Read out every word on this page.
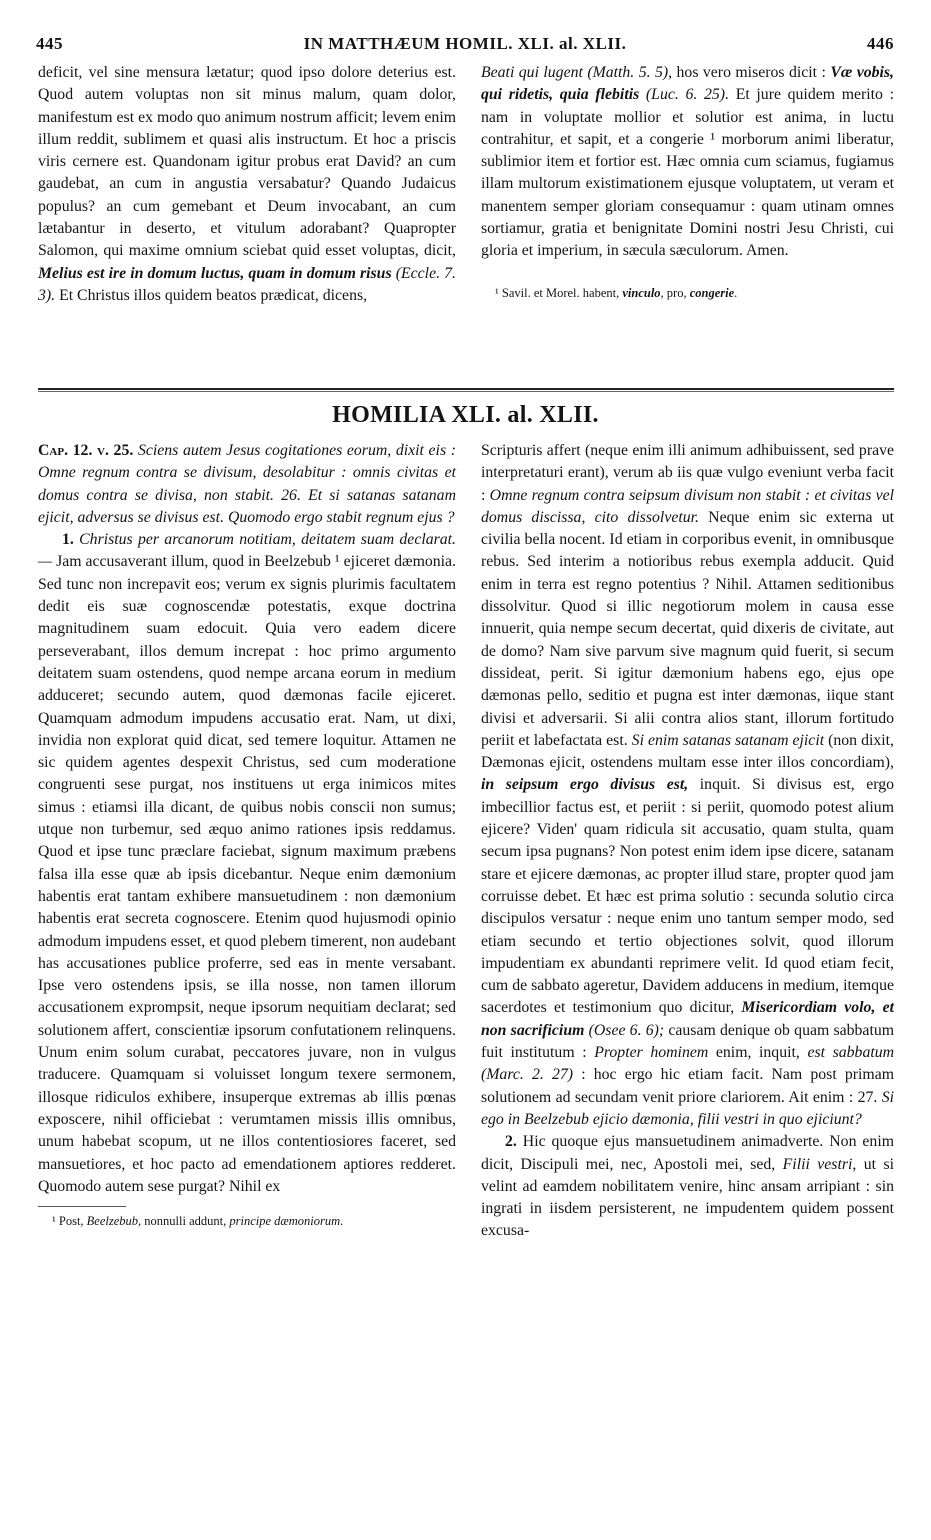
445	IN MATTHÆUM HOMIL. XLI. al. XLII.	446

deficit, vel sine mensura lætatur; quod ipso dolore deterius est. Quod autem voluptas non sit minus malum, quam dolor, manifestum est ex modo quo animum nostrum afficit; levem enim illum reddit, sublimem et quasi alis instructum. Et hoc a priscis viris cernere est. Quandonam igitur probus erat David? an cum gaudebat, an cum in angustia versabatur? Quando Judaicus populus? an cum gemebant et Deum invocabant, an cum lætabantur in deserto, et vitulum adorabant? Quapropter Salomon, qui maxime omnium sciebat quid esset voluptas, dicit, Melius est ire in domum luctus, quam in domum risus (Eccle. 7. 3). Et Christus illos quidem beatos prædicat, dicens,

Beati qui lugent (Matth. 5. 5), hos vero miseros dicit : Væ vobis, qui ridetis, quia flebitis (Luc. 6. 25). Et jure quidem merito : nam in voluptate mollior et solutior est anima, in luctu contrahitur, et sapit, et a congerie ¹ morborum animi liberatur, sublimior item et fortior est. Hæc omnia cum sciamus, fugiamus illam multorum existimationem ejusque voluptatem, ut veram et manentem semper gloriam consequamur : quam utinam omnes sortiamur, gratia et benignitate Domini nostri Jesu Christi, cui gloria et imperium, in sæcula sæculorum. Amen.

¹ Savil. et Morel. habent, vinculo, pro, congerie.

HOMILIA XLI. al. XLII.

Cap. 12. v. 25. Sciens autem Jesus cogitationes eorum, dixit eis : Omne regnum contra se divisum, desolabitur : omnis civitas et domus contra se divisa, non stabit. 26. Et si satanas satanam ejicit, adversus se divisus est. Quomodo ergo stabit regnum ejus ?

1. Christus per arcanorum notitiam, deitatem suam declarat. — Jam accusaverant illum, quod in Beelzebub ¹ ejiceret dæmonia. Sed tunc non increpavit eos; verum ex signis plurimis facultatem dedit eis suæ cognoscendæ potestatis, exque doctrina magnitudinem suam edocuit. Quia vero eadem dicere perseverabant, illos demum increpat : hoc primo argumento deitatem suam ostendens, quod nempe arcana eorum in medium adduceret; secundo autem, quod dæmonas facile ejiceret. Quamquam admodum impudens accusatio erat. Nam, ut dixi, invidia non explorat quid dicat, sed temere loquitur. Attamen ne sic quidem agentes despexit Christus, sed cum moderatione congruenti sese purgat, nos instituens ut erga inimicos mites simus : etiamsi illa dicant, de quibus nobis conscii non sumus; utque non turbemur, sed æquo animo rationes ipsis reddamus. Quod et ipse tunc præclare faciebat, signum maximum præbens falsa illa esse quæ ab ipsis dicebantur. Neque enim dæmonium habentis erat tantam exhibere mansuetudinem : non dæmonium habentis erat secreta cognoscere. Etenim quod hujusmodi opinio admodum impudens esset, et quod plebem timerent, non audebant has accusationes publice proferre, sed eas in mente versabant. Ipse vero ostendens ipsis, se illa nosse, non tamen illorum accusationem exprompsit, neque ipsorum nequitiam declarat; sed solutionem affert, conscientiæ ipsorum confutationem relinquens. Unum enim solum curabat, peccatores juvare, non in vulgus traducere. Quamquam si voluisset longum texere sermonem, illosque ridiculos exhibere, insuperque extremas ab illis pœnas exposcere, nihil officiebat : verumtamen missis illis omnibus, unum habebat scopum, ut ne illos contentiosiores faceret, sed mansuetiores, et hoc pacto ad emendationem aptiores redderet. Quomodo autem sese purgat? Nihil ex

¹ Post, Beelzebub, nonnulli addunt, principe dæmoniorum.

Scripturis affert (neque enim illi animum adhibuissent, sed prave interpretaturi erant), verum ab iis quæ vulgo eveniunt verba facit : Omne regnum contra seipsum divisum non stabit : et civitas vel domus discissa, cito dissolvetur. Neque enim sic externa ut civilia bella nocent. Id etiam in corporibus evenit, in omnibusque rebus. Sed interim a notioribus rebus exempla adducit. Quid enim in terra est regno potentius ? Nihil. Attamen seditionibus dissolvitur. Quod si illic negotiorum molem in causa esse innuerit, quia nempe secum decertat, quid dixeris de civitate, aut de domo? Nam sive parvum sive magnum quid fuerit, si secum dissideat, perit. Si igitur dæmonium habens ego, ejus ope dæmonas pello, seditio et pugna est inter dæmonas, iique stant divisi et adversarii. Si alii contra alios stant, illorum fortitudo periit et labefactata est. Si enim satanas satanam ejicit (non dixit, Dæmonas ejicit, ostendens multam esse inter illos concordiam), in seipsum ergo divisus est, inquit. Si divisus est, ergo imbecillior factus est, et periit : si periit, quomodo potest alium ejicere? Viden' quam ridicula sit accusatio, quam stulta, quam secum ipsa pugnans? Non potest enim idem ipse dicere, satanam stare et ejicere dæmonas, ac propter illud stare, propter quod jam corruisse debet. Et hæc est prima solutio : secunda solutio circa discipulos versatur : neque enim uno tantum semper modo, sed etiam secundo et tertio objectiones solvit, quod illorum impudentiam ex abundanti reprimere velit. Id quod etiam fecit, cum de sabbato ageretur, Davidem adducens in medium, itemque sacerdotes et testimonium quo dicitur, Misericordiam volo, et non sacrificium (Osee 6. 6); causam denique ob quam sabbatum fuit institutum : Propter hominem enim, inquit, est sabbatum (Marc. 2. 27) : hoc ergo hic etiam facit. Nam post primam solutionem ad secundam venit priore clariorem. Ait enim : 27. Si ego in Beelzebub ejicio dæmonia, filii vestri in quo ejiciunt?

2. Hic quoque ejus mansuetudinem animadverte. Non enim dicit, Discipuli mei, nec, Apostoli mei, sed, Filii vestri, ut si velint ad eamdem nobilitatem venire, hinc ansam arripiant : sin ingrati in iisdem persisterent, ne impudentem quidem possent excusa-
